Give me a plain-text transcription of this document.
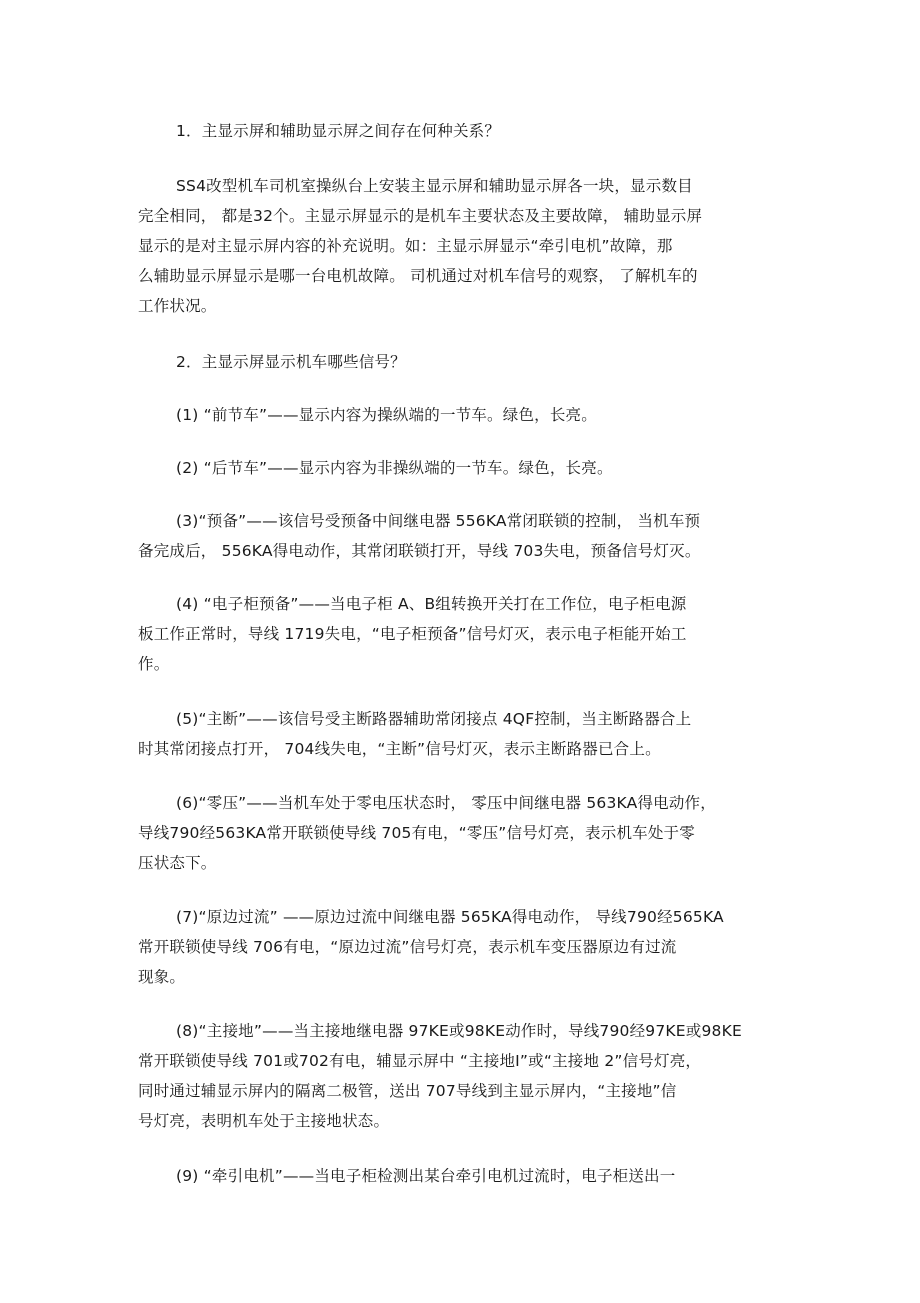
1．主显示屏和辅助显示屏之间存在何种关系？
SS4改型机车司机室操纵台上安装主显示屏和辅助显示屏各一块，显示数目
完全相同， 都是32个。主显示屏显示的是机车主要状态及主要故障， 辅助显示屏
显示的是对主显示屏内容的补充说明。如：主显示屏显示“牵引电机”故障，那
么辅助显示屏显示是哪一台电机故障。 司机通过对机车信号的观察， 了解机车的
工作状况。
2．主显示屏显示机车哪些信号？
(1) “前节车”——显示内容为操纵端的一节车。绿色，长亮。
(2) “后节车”——显示内容为非操纵端的一节车。绿色，长亮。
(3)“预备”——该信号受预备中间继电器 556KA常闭联锁的控制， 当机车预
备完成后， 556KA得电动作，其常闭联锁打开，导线 703失电，预备信号灯灭。
(4) “电子柜预备”——当电子柜 A、B组转换开关打在工作位，电子柜电源
板工作正常时，导线 1719失电，“电子柜预备”信号灯灭，表示电子柜能开始工
作。
(5)“主断”——该信号受主断路器辅助常闭接点 4QF控制，当主断路器合上
时其常闭接点打开， 704线失电，“主断”信号灯灭，表示主断路器已合上。
(6)“零压”——当机车处于零电压状态时， 零压中间继电器 563KA得电动作，
导线790经563KA常开联锁使导线 705有电，“零压”信号灯亮，表示机车处于零
压状态下。
(7)“原边过流” ——原边过流中间继电器 565KA得电动作， 导线790经565KA
常开联锁使导线 706有电，“原边过流”信号灯亮，表示机车变压器原边有过流
现象。
(8)“主接地”——当主接地继电器 97KE或98KE动作时，导线790经97KE或98KE
常开联锁使导线 701或702有电，辅显示屏中 “主接地Ⅰ”或“主接地 2”信号灯亮，
同时通过辅显示屏内的隔离二极管，送出 707导线到主显示屏内，“主接地”信
号灯亮，表明机车处于主接地状态。
(9) “牵引电机”——当电子柜检测出某台牵引电机过流时，电子柜送出一
